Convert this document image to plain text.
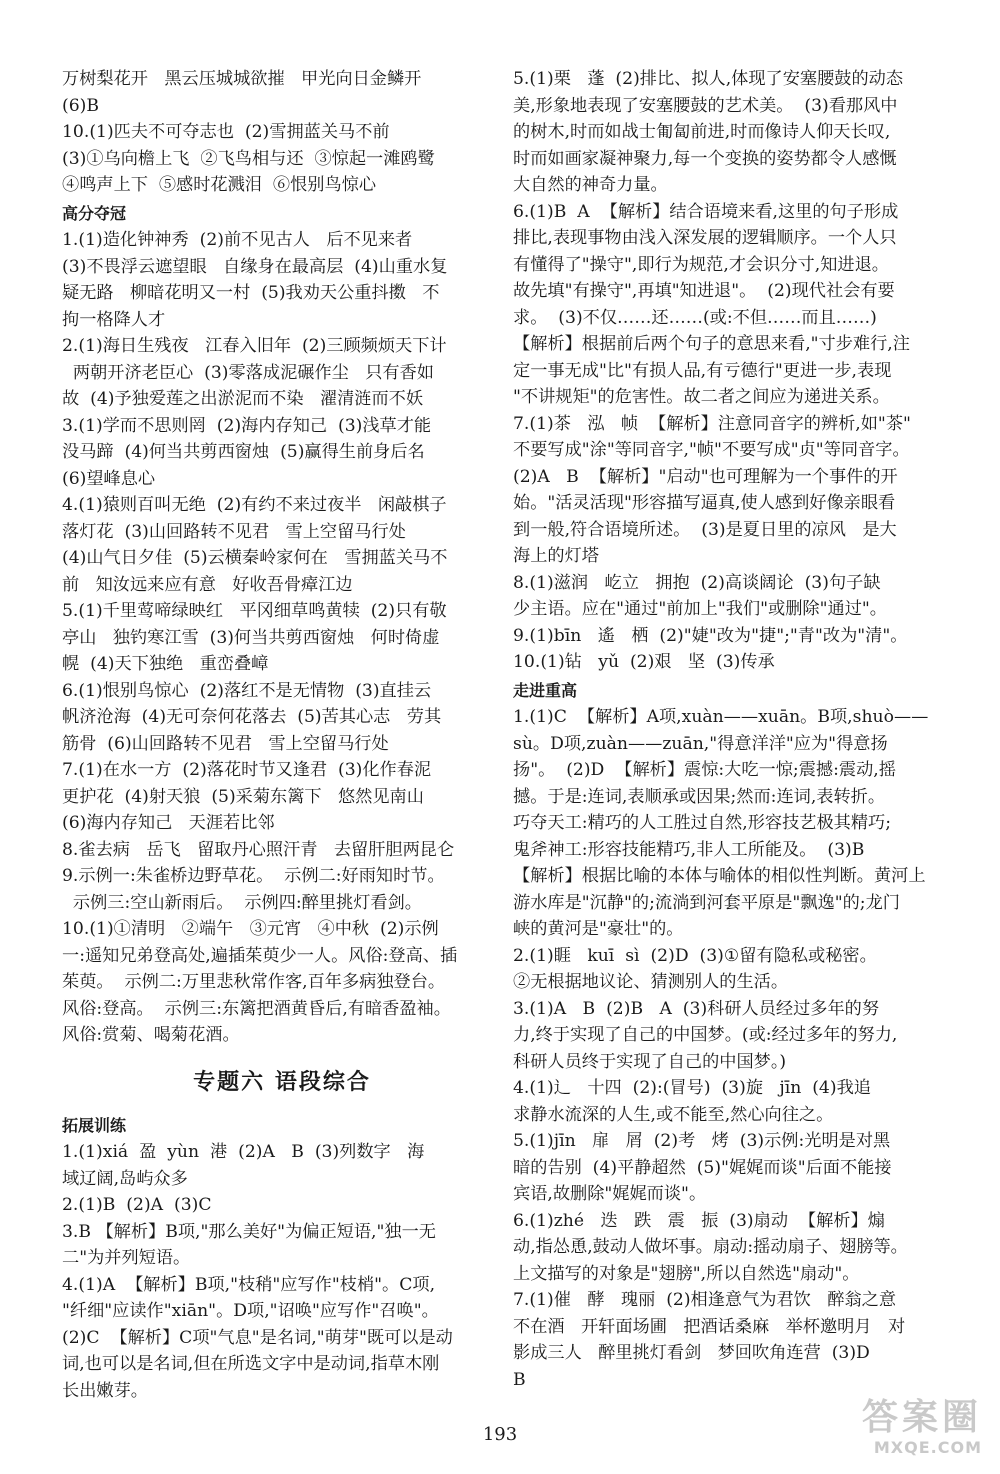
万树梨花开   黑云压城城欲摧   甲光向日金鳞开
(6)B
10.(1)匹夫不可夺志也  (2)雪拥蓝关马不前
(3)①乌向檐上飞  ②飞鸟相与还  ③惊起一滩鸥鹭
④鸣声上下  ⑤感时花溅泪  ⑥恨别鸟惊心
高分夺冠
1.(1)造化钟神秀  (2)前不见古人   后不见来者
(3)不畏浮云遮望眼   自缘身在最高层  (4)山重水复
疑无路   柳暗花明又一村  (5)我劝天公重抖擞   不
拘一格降人才
2.(1)海日生残夜   江春入旧年  (2)三顾频烦天下计
两朝开济老臣心  (3)零落成泥碾作尘   只有香如
故  (4)予独爱莲之出淤泥而不染   濯清涟而不妖
3.(1)学而不思则罔  (2)海内存知己  (3)浅草才能
没马蹄  (4)何当共剪西窗烛  (5)赢得生前身后名
(6)望峰息心
4.(1)猿则百叫无绝  (2)有约不来过夜半   闲敲棋子
落灯花  (3)山回路转不见君   雪上空留马行处
(4)山气日夕佳  (5)云横秦岭家何在   雪拥蓝关马不
前   知汝远来应有意   好收吾骨瘴江边
5.(1)千里莺啼绿映红   平冈细草鸣黄犊  (2)只有敬
亭山   独钓寒江雪  (3)何当共剪西窗烛   何时倚虚
幌  (4)天下独绝   重峦叠嶂
6.(1)恨别鸟惊心  (2)落红不是无情物  (3)直挂云
帆济沧海  (4)无可奈何花落去  (5)苦其心志   劳其
筋骨  (6)山回路转不见君   雪上空留马行处
7.(1)在水一方  (2)落花时节又逢君  (3)化作春泥
更护花  (4)射天狼  (5)采菊东篱下   悠然见南山
(6)海内存知己   天涯若比邻
8.雀去病   岳飞   留取丹心照汗青   去留肝胆两昆仑
9.示例一:朱雀桥边野草花。  示例二:好雨知时节。
示例三:空山新雨后。  示例四:醉里挑灯看剑。
10.(1)①清明   ②端午   ③元宵   ④中秋  (2)示例
一:遥知兄弟登高处,遍插茱萸少一人。风俗:登高、插
茱萸。  示例二:万里悲秋常作客,百年多病独登台。
风俗:登高。  示例三:东篱把酒黄昏后,有暗香盈袖。
风俗:赏菊、喝菊花酒。
专题六 语段综合
拓展训练
1.(1)xiá  盈  yùn  港  (2)A   B  (3)列数字   海
域辽阔,岛屿众多
2.(1)B  (2)A  (3)C
3.B 【解析】B项,"那么美好"为偏正短语,"独一无
二"为并列短语。
4.(1)A  【解析】B项,"枝稍"应写作"枝梢"。C项,
"纤细"应读作"xiān"。D项,"诏唤"应写作"召唤"。
(2)C  【解析】C项"气息"是名词,"萌芽"既可以是动
词,也可以是名词,但在所选文字中是动词,指草木刚
长出嫩芽。
5.(1)栗   蓬  (2)排比、拟人,体现了安塞腰鼓的动态
美,形象地表现了安塞腰鼓的艺术美。  (3)看那风中
的树木,时而如战士匍匐前进,时而像诗人仰天长叹,
时而如画家凝神聚力,每一个变换的姿势都令人感慨
大自然的神奇力量。
6.(1)B  A  【解析】结合语境来看,这里的句子形成
排比,表现事物由浅入深发展的逻辑顺序。一个人只
有懂得了"操守",即行为规范,才会识分寸,知进退。
故先填"有操守",再填"知进退"。  (2)现代社会有要
求。  (3)不仅……还……(或:不但……而且……)
【解析】根据前后两个句子的意思来看,"寸步难行,注
定一事无成"比"有损人品,有亏德行"更进一步,表现
"不讲规矩"的危害性。故二者之间应为递进关系。
7.(1)茶   泓   帧  【解析】注意同音字的辨析,如"茶"
不要写成"涂"等同音字,"帧"不要写成"贞"等同音字。
(2)A   B  【解析】"启动"也可理解为一个事件的开
始。"活灵活现"形容描写逼真,使人感到好像亲眼看
到一般,符合语境所述。  (3)是夏日里的凉风   是大
海上的灯塔
8.(1)滋润   屹立   拥抱  (2)高谈阔论  (3)句子缺
少主语。应在"通过"前加上"我们"或删除"通过"。
9.(1)bīn   遙   栖  (2)"婕"改为"捷";"青"改为"清"。
10.(1)钻   yǔ  (2)艰   坚  (3)传承
走进重高
1.(1)C  【解析】A项,xuàn——xuān。B项,shuò——
sù。D项,zuàn——zuān,"得意洋洋"应为"得意扬
扬"。  (2)D  【解析】震惊:大吃一惊;震撼:震动,摇
撼。于是:连词,表顺承或因果;然而:连词,表转折。
巧夺天工:精巧的人工胜过自然,形容技艺极其精巧;
鬼斧神工:形容技能精巧,非人工所能及。  (3)B
【解析】根据比喻的本体与喻体的相似性判断。黄河上
游水库是"沉静"的;流淌到河套平原是"飘逸"的;龙门
峡的黄河是"豪壮"的。
2.(1)睚   kuī  sì  (2)D  (3)①留有隐私或秘密。
②无根据地议论、猜测别人的生活。
3.(1)A   B  (2)B   A  (3)科研人员经过多年的努
力,终于实现了自己的中国梦。(或:经过多年的努力,
科研人员终于实现了自己的中国梦。)
4.(1)辶   十四  (2):(冒号)  (3)旋   jīn  (4)我追
求静水流深的人生,或不能至,然心向往之。
5.(1)jīn   扉   屑  (2)考   烤  (3)示例:光明是对黑
暗的告别  (4)平静超然  (5)"娓娓而谈"后面不能接
宾语,故删除"娓娓而谈"。
6.(1)zhé   迭   跌   震   振  (3)扇动  【解析】煽
动,指怂恿,鼓动人做坏事。扇动:摇动扇子、翅膀等。
上文描写的对象是"翅膀",所以自然选"扇动"。
7.(1)催   酵   瑰丽  (2)相逢意气为君饮   醉翁之意
不在酒   开轩面场圃   把酒话桑麻   举杯邀明月   对
影成三人   醉里挑灯看剑   梦回吹角连营  (3)D
B
193	答案圈
MXQE.COM
